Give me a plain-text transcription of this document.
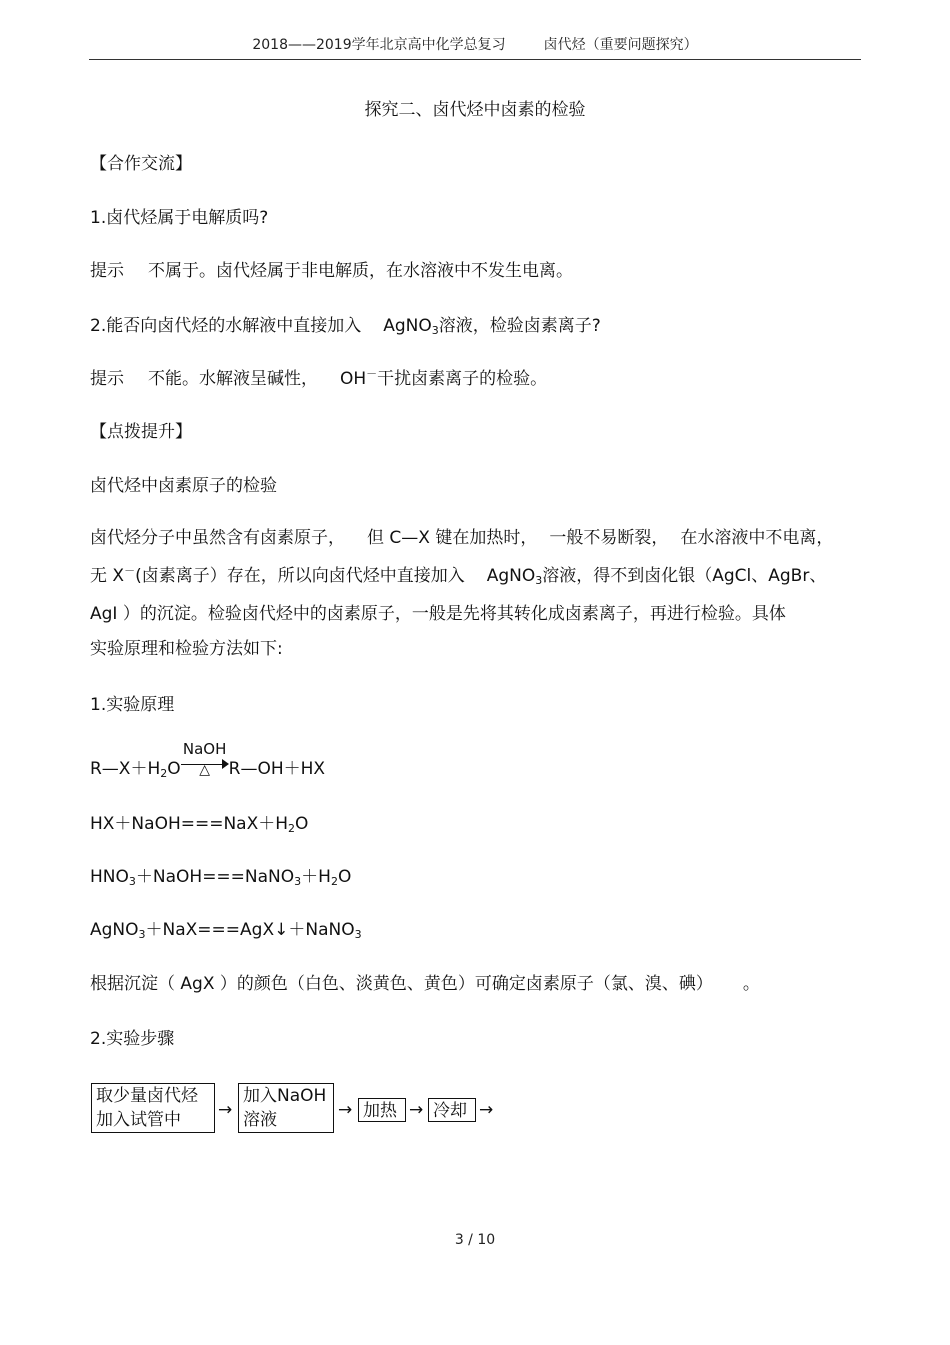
2018——2019学年北京高中化学总复习	卤代烃（重要问题探究）
探究二、卤代烃中卤素的检验
【合作交流】
1.卤代烃属于电解质吗?
提示 不属于。卤代烃属于非电解质，在水溶液中不发生电离。
2.能否向卤代烃的水解液中直接加入 AgNO$_3$溶液，检验卤素离子?
提示 不能。水解液呈碱性， OH－干扰卤素离子的检验。
【点拨提升】
卤代烃中卤素原子的检验
卤代烃分子中虽然含有卤素原子， 但 C—X 键在加热时， 一般不易断裂， 在水溶液中不电离，
无 X－(卤素离子）存在，所以向卤代烃中直接加入 AgNO$_3$溶液，得不到卤化银（AgCl、AgBr、
AgI ）的沉淀。检验卤代烃中的卤素原子，一般是先将其转化成卤素离子，再进行检验。具体
实验原理和检验方法如下:
1.实验原理
$R—X+H_2O$
NaOH
△	R—OH＋HX
$HX+NaOH===NaX+H_2O$
$HNO_3+NaOH===NaNO_3+H_2O$
AgNO$_3$＋NaX===AgX↓＋NaNO$_3$
根据沉淀（ AgX ）的颜色（白色、淡黄色、黄色）可确定卤素原子（氯、溴、碘） 。
2.实验步骤
取少量卤代烃
加入试管中	→
加入NaOH
溶液	→ 加热 → 冷却 →
3 / 10
